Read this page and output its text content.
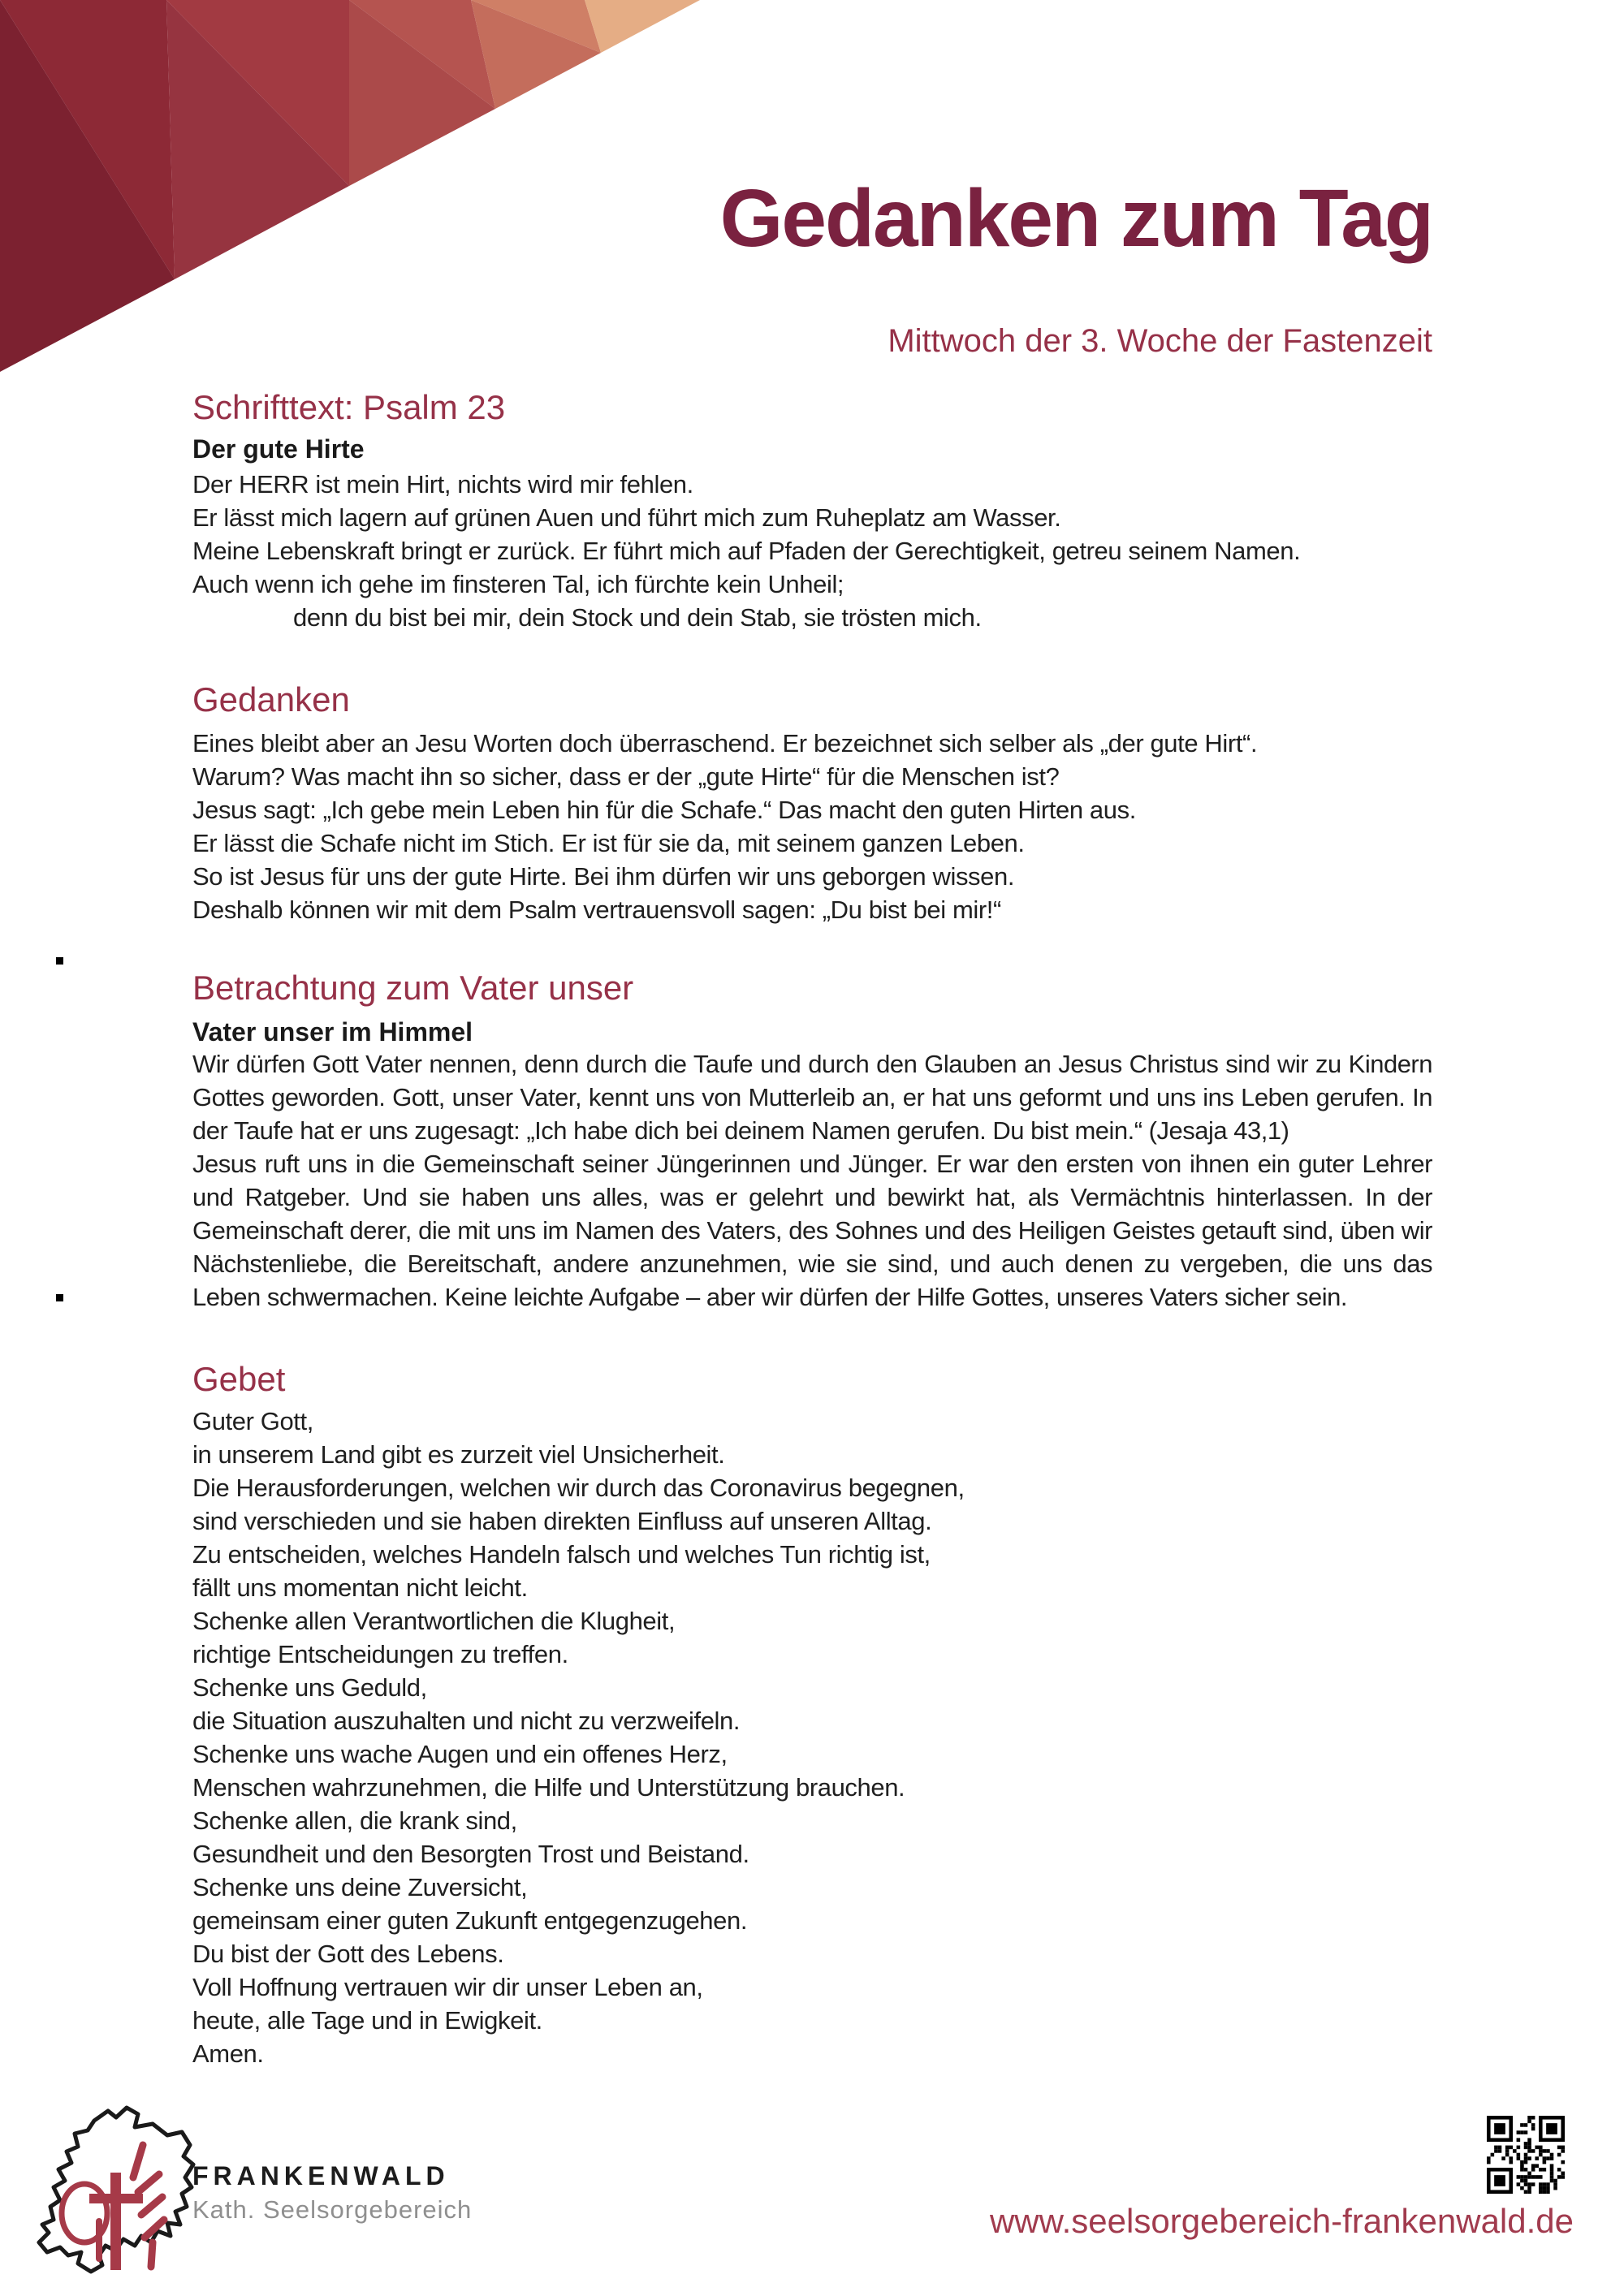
Gedanken zum Tag
Mittwoch der 3. Woche der Fastenzeit
Schrifttext: Psalm 23
Der gute Hirte
Der HERR ist mein Hirt, nichts wird mir fehlen.
Er lässt mich lagern auf grünen Auen und führt mich zum Ruheplatz am Wasser.
Meine Lebenskraft bringt er zurück. Er führt mich auf Pfaden der Gerechtigkeit, getreu seinem Namen.
Auch wenn ich gehe im finsteren Tal, ich fürchte kein Unheil;
denn du bist bei mir, dein Stock und dein Stab, sie trösten mich.
Gedanken
Eines bleibt aber an Jesu Worten doch überraschend. Er bezeichnet sich selber als „der gute Hirt“.
Warum? Was macht ihn so sicher, dass er der „gute Hirte“ für die Menschen ist?
Jesus sagt: „Ich gebe mein Leben hin für die Schafe.“ Das macht den guten Hirten aus.
Er lässt die Schafe nicht im Stich. Er ist für sie da, mit seinem ganzen Leben.
So ist Jesus für uns der gute Hirte. Bei ihm dürfen wir uns geborgen wissen.
Deshalb können wir mit dem Psalm vertrauensvoll sagen: „Du bist bei mir!“
Betrachtung zum Vater unser
Vater unser im Himmel
Wir dürfen Gott Vater nennen, denn durch die Taufe und durch den Glauben an Jesus Christus sind wir zu Kindern Gottes geworden. Gott, unser Vater, kennt uns von Mutterleib an, er hat uns geformt und uns ins Leben gerufen. In der Taufe hat er uns zugesagt: „Ich habe dich bei deinem Namen gerufen. Du bist mein.“ (Jesaja 43,1)
Jesus ruft uns in die Gemeinschaft seiner Jüngerinnen und Jünger. Er war den ersten von ihnen ein guter Lehrer und Ratgeber. Und sie haben uns alles, was er gelehrt und bewirkt hat, als Vermächtnis hinterlassen. In der Gemeinschaft derer, die mit uns im Namen des Vaters, des Sohnes und des Heiligen Geistes getauft sind, üben wir Nächstenliebe, die Bereitschaft, andere anzunehmen, wie sie sind, und auch denen zu vergeben, die uns das Leben schwermachen. Keine leichte Aufgabe – aber wir dürfen der Hilfe Gottes, unseres Vaters sicher sein.
Gebet
Guter Gott,
in unserem Land gibt es zurzeit viel Unsicherheit.
Die Herausforderungen, welchen wir durch das Coronavirus begegnen,
sind verschieden und sie haben direkten Einfluss auf unseren Alltag.
Zu entscheiden, welches Handeln falsch und welches Tun richtig ist,
fällt uns momentan nicht leicht.
Schenke allen Verantwortlichen die Klugheit,
richtige Entscheidungen zu treffen.
Schenke uns Geduld,
die Situation auszuhalten und nicht zu verzweifeln.
Schenke uns wache Augen und ein offenes Herz,
Menschen wahrzunehmen, die Hilfe und Unterstützung brauchen.
Schenke allen, die krank sind,
Gesundheit und den Besorgten Trost und Beistand.
Schenke uns deine Zuversicht,
gemeinsam einer guten Zukunft entgegenzugehen.
Du bist der Gott des Lebens.
Voll Hoffnung vertrauen wir dir unser Leben an,
heute, alle Tage und in Ewigkeit.
Amen.
FRANKENWALD
Kath. Seelsorgebereich	www.seelsorgebereich-frankenwald.de
